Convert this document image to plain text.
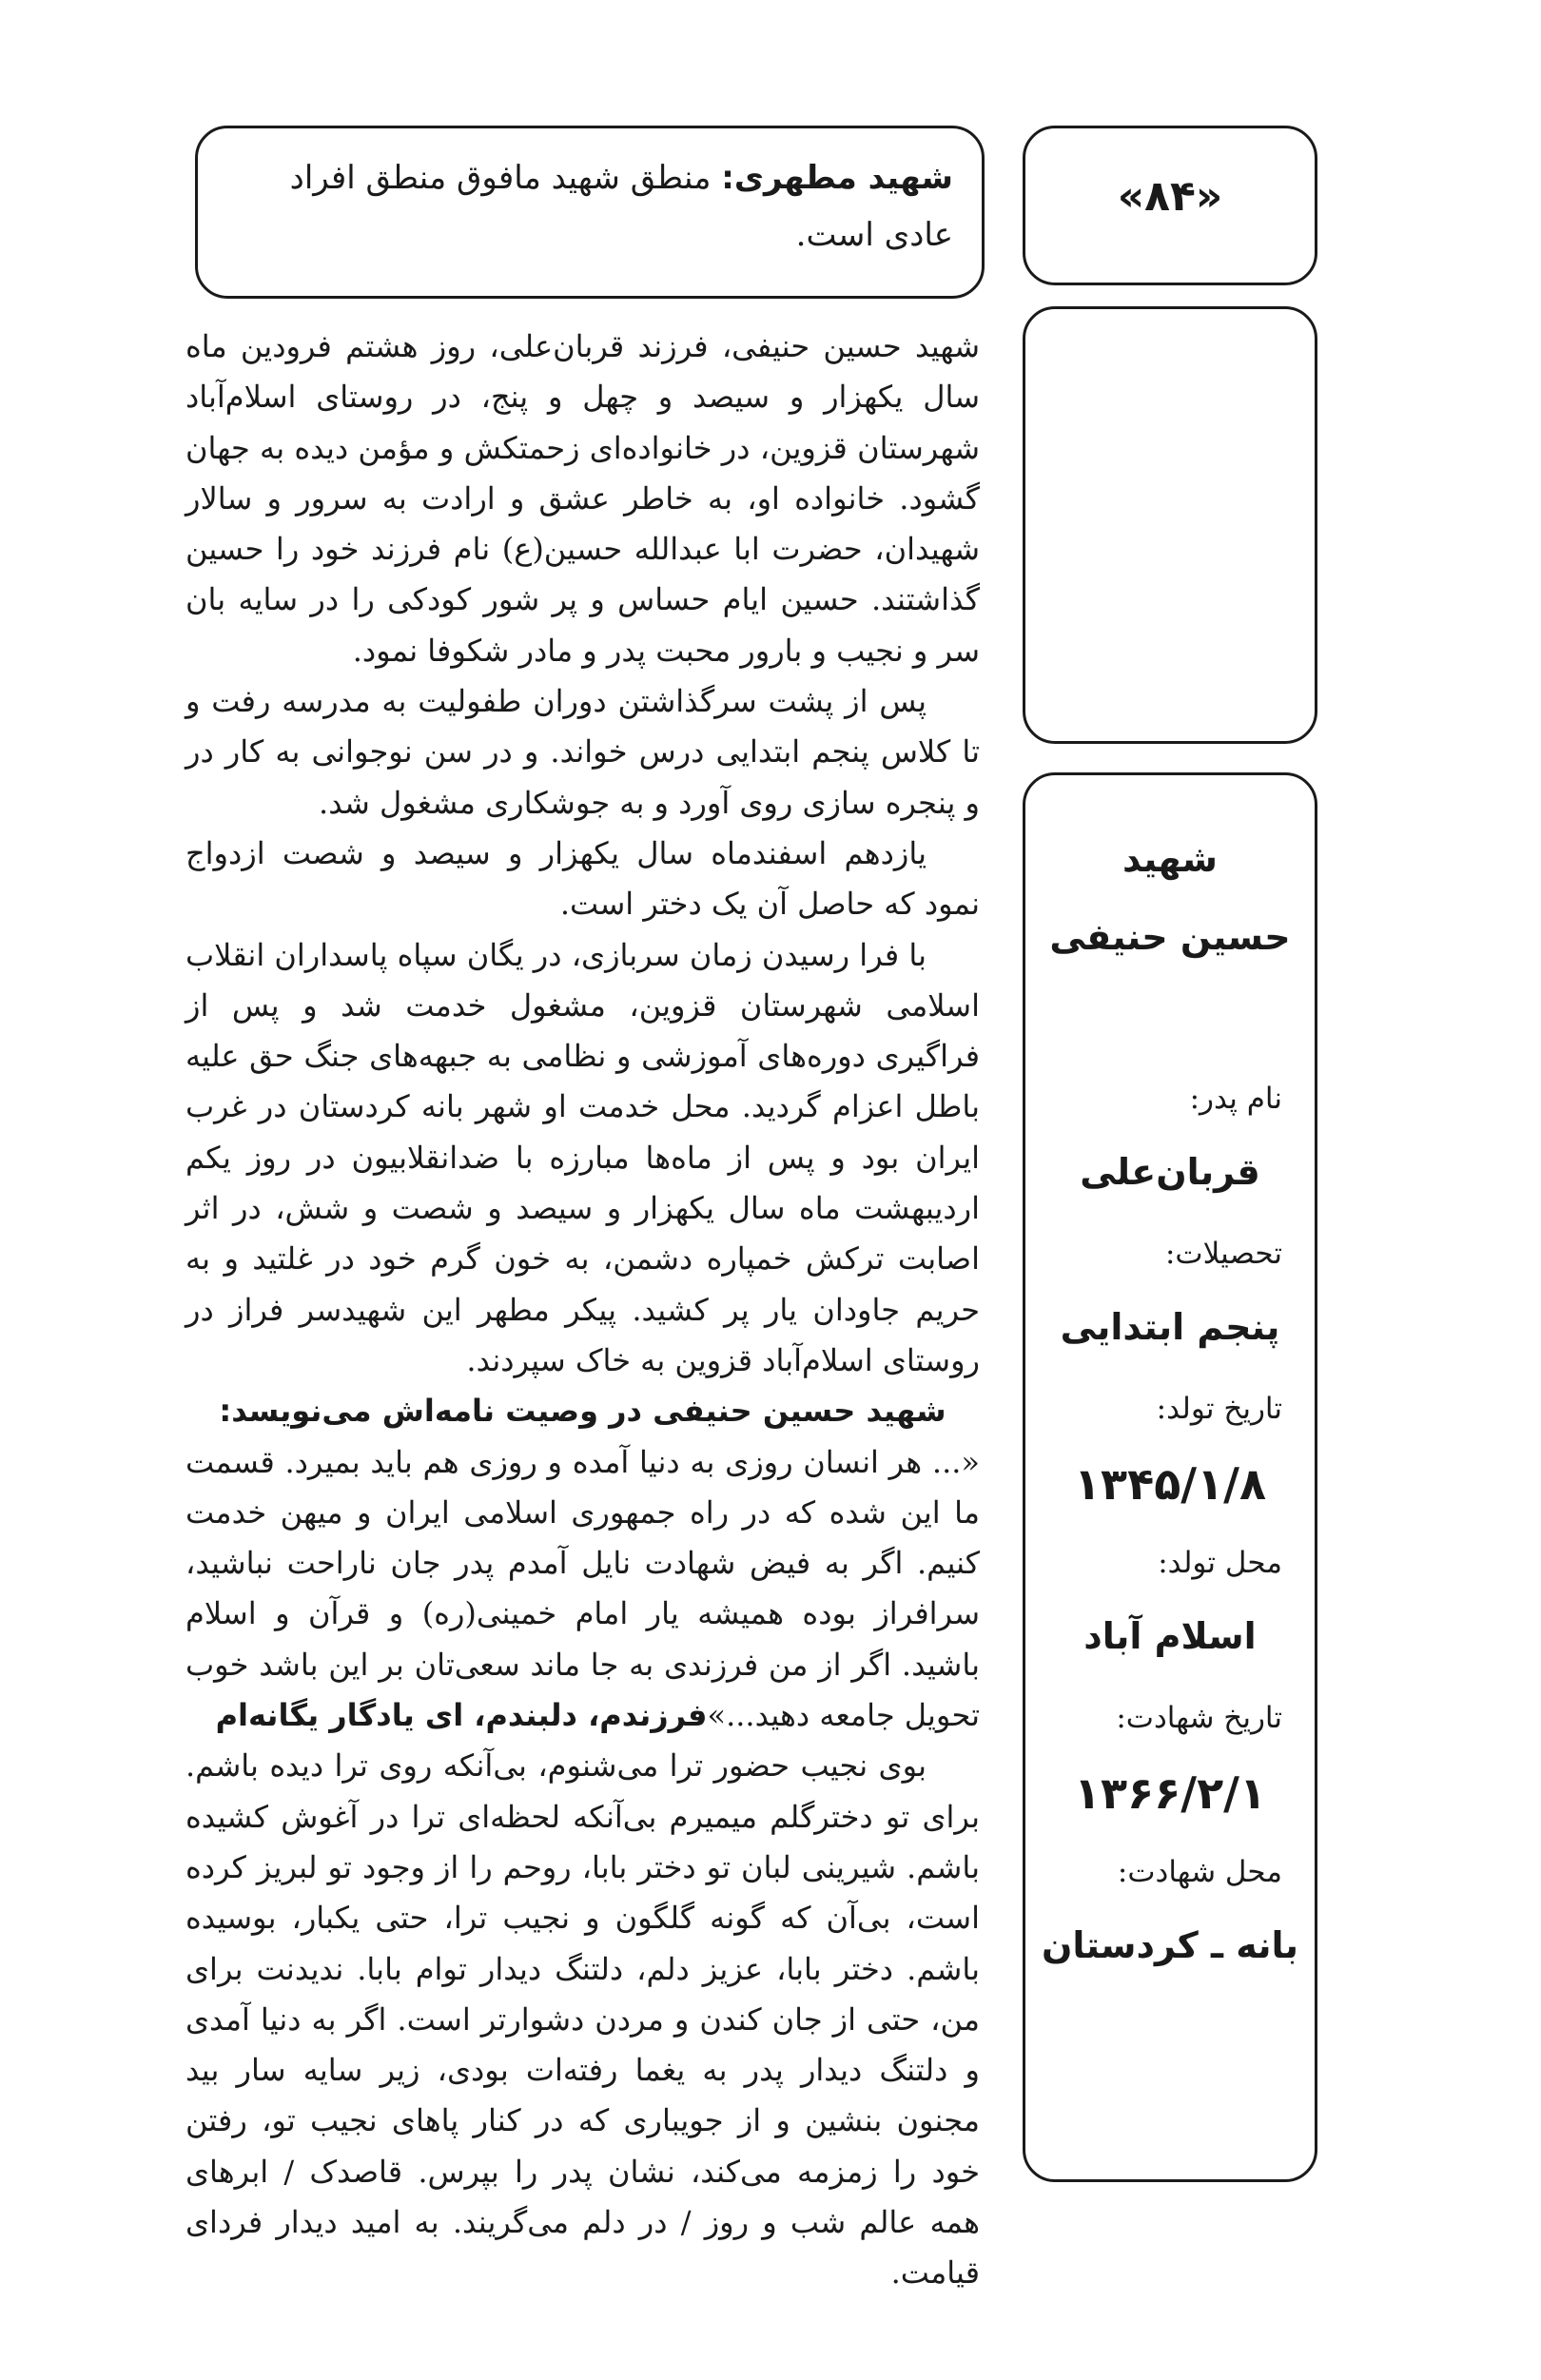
شهید مطهری: منطق شهید مافوق منطق افراد عادی است.
«۸۴»
شهید
حسین حنیفی
نام پدر:
قربان‌علی
تحصیلات:
پنجم ابتدایی
تاریخ تولد:
۱۳۴۵/۱/۸
محل تولد:
اسلام آباد
تاریخ شهادت:
۱۳۶۶/۲/۱
محل شهادت:
بانه ـ کردستان

شهید حسین حنیفی، فرزند قربان‌علی، روز هشتم فرودین ماه سال یکهزار و سیصد و چهل و پنج، در روستای اسلام‌آباد شهرستان قزوین، در خانواده‌ای زحمتکش و مؤمن دیده به جهان گشود. خانواده او، به خاطر عشق و ارادت به سرور و سالار شهیدان، حضرت ابا عبدالله حسین(ع) نام فرزند خود را حسین گذاشتند. حسین ایام حساس و پر شور کودکی را در سایه بان سر و نجیب و بارور محبت پدر و مادر شکوفا نمود.

پس از پشت سرگذاشتن دوران طفولیت به مدرسه رفت و تا کلاس پنجم ابتدایی درس خواند. و در سن نوجوانی به کار در و پنجره سازی روی آورد و به جوشکاری مشغول شد.

یازدهم اسفندماه سال یکهزار و سیصد و شصت ازدواج نمود که حاصل آن یک دختر است.

با فرا رسیدن زمان سربازی، در یگان سپاه پاسداران انقلاب اسلامی شهرستان قزوین، مشغول خدمت شد و پس از فراگیری دوره‌های آموزشی و نظامی به جبهه‌های جنگ حق علیه باطل اعزام گردید. محل خدمت او شهر بانه کردستان در غرب ایران بود و پس از ماه‌ها مبارزه با ضدانقلابیون در روز یکم اردیبهشت ماه سال یکهزار و سیصد و شصت و شش، در اثر اصابت ترکش خمپاره دشمن، به خون گرم خود در غلتید و به حریم جاودان یار پر کشید. پیکر مطهر این شهیدسر فراز در روستای اسلام‌آباد قزوین به خاک سپردند.

شهید حسین حنیفی در وصیت نامه‌اش می‌نویسد:

«... هر انسان روزی به دنیا آمده و روزی هم باید بمیرد. قسمت ما این شده که در راه جمهوری اسلامی ایران و میهن خدمت کنیم. اگر به فیض شهادت نایل آمدم پدر جان ناراحت نباشید، سرافراز بوده همیشه یار امام خمینی(ره) و قرآن و اسلام باشید. اگر از من فرزندی به جا ماند سعی‌تان بر این باشد خوب تحویل جامعه دهید...»فرزندم، دلبندم، ای یادگار یگانه‌ام

بوی نجیب حضور ترا می‌شنوم، بی‌آنکه روی ترا دیده باشم. برای تو دخترگلم میمیرم بی‌آنکه لحظه‌ای ترا در آغوش کشیده باشم. شیرینی لبان تو دختر بابا، روحم را از وجود تو لبریز کرده است، بی‌آن که گونه گلگون و نجیب ترا، حتی یکبار، بوسیده باشم. دختر بابا، عزیز دلم، دلتنگ دیدار توام بابا. ندیدنت برای من، حتی از جان کندن و مردن دشوارتر است. اگر به دنیا آمدی و دلتنگ دیدار پدر به یغما رفته‌ات بودی، زیر سایه سار بید مجنون بنشین و از جویباری که در کنار پاهای نجیب تو، رفتن خود را زمزمه می‌کند، نشان پدر را بپرس. قاصدک / ابرهای همه عالم شب و روز / در دلم می‌گریند. به امید دیدار فردای قیامت.
